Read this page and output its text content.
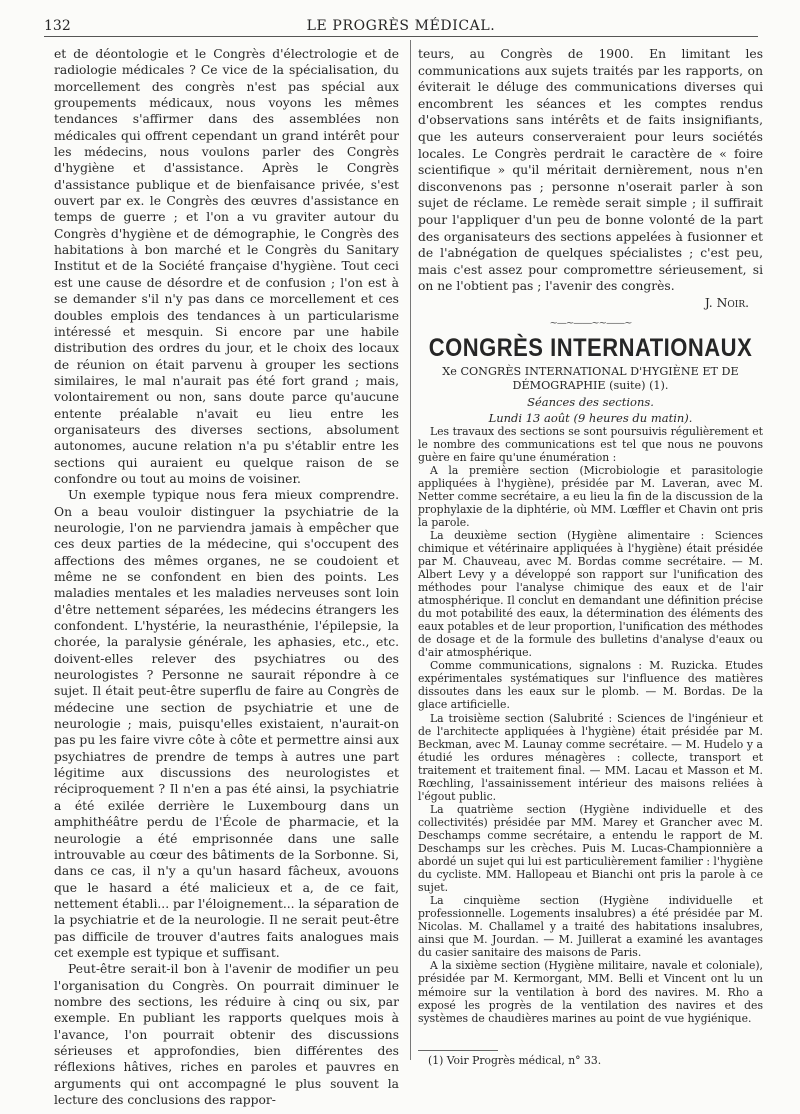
132	LE PROGRÈS MÉDICAL.

et de déontologie et le Congrès d'électrologie et de radiologie médicales ? Ce vice de la spécialisation, du morcellement des congrès n'est pas spécial aux groupements médicaux, nous voyons les mêmes tendances s'affirmer dans des assemblées non médicales qui offrent cependant un grand intérêt pour les médecins, nous voulons parler des Congrès d'hygiène et d'assistance. Après le Congrès d'assistance publique et de bienfaisance privée, s'est ouvert par ex. le Congrès des œuvres d'assistance en temps de guerre ; et l'on a vu graviter autour du Congrès d'hygiène et de démographie, le Congrès des habitations à bon marché et le Congrès du Sanitary Institut et de la Société française d'hygiène. Tout ceci est une cause de désordre et de confusion ; l'on est à se demander s'il n'y pas dans ce morcellement et ces doubles emplois des tendances à un particularisme intéressé et mesquin. Si encore par une habile distribution des ordres du jour, et le choix des locaux de réunion on était parvenu à grouper les sections similaires, le mal n'aurait pas été fort grand ; mais, volontairement ou non, sans doute parce qu'aucune entente préalable n'avait eu lieu entre les organisateurs des diverses sections, absolument autonomes, aucune relation n'a pu s'établir entre les sections qui auraient eu quelque raison de se confondre ou tout au moins de voisiner.

Un exemple typique nous fera mieux comprendre. On a beau vouloir distinguer la psychiatrie de la neurologie, l'on ne parviendra jamais à empêcher que ces deux parties de la médecine, qui s'occupent des affections des mêmes organes, ne se coudoient et même ne se confondent en bien des points. Les maladies mentales et les maladies nerveuses sont loin d'être nettement séparées, les médecins étrangers les confondent. L'hystérie, la neurasthénie, l'épilepsie, la chorée, la paralysie générale, les aphasies, etc., etc. doivent-elles relever des psychiatres ou des neurologistes ? Personne ne saurait répondre à ce sujet. Il était peut-être superflu de faire au Congrès de médecine une section de psychiatrie et une de neurologie ; mais, puisqu'elles existaient, n'aurait-on pas pu les faire vivre côte à côte et permettre ainsi aux psychiatres de prendre de temps à autres une part légitime aux discussions des neurologistes et réciproquement ? Il n'en a pas été ainsi, la psychiatrie a été exilée derrière le Luxembourg dans un amphithéâtre perdu de l'École de pharmacie, et la neurologie a été emprisonnée dans une salle introuvable au cœur des bâtiments de la Sorbonne. Si, dans ce cas, il n'y a qu'un hasard fâcheux, avouons que le hasard a été malicieux et a, de ce fait, nettement établi... par l'éloignement... la séparation de la psychiatrie et de la neurologie. Il ne serait peut-être pas difficile de trouver d'autres faits analogues mais cet exemple est typique et suffisant.

Peut-être serait-il bon à l'avenir de modifier un peu l'organisation du Congrès. On pourrait diminuer le nombre des sections, les réduire à cinq ou six, par exemple. En publiant les rapports quelques mois à l'avance, l'on pourrait obtenir des discussions sérieuses et approfondies, bien différentes des réflexions hâtives, riches en paroles et pauvres en arguments qui ont accompagné le plus souvent la lecture des conclusions des rappor-

teurs, au Congrès de 1900. En limitant les communications aux sujets traités par les rapports, on éviterait le déluge des communications diverses qui encombrent les séances et les comptes rendus d'observations sans intérêts et de faits insignifiants, que les auteurs conserveraient pour leurs sociétés locales. Le Congrès perdrait le caractère de « foire scientifique » qu'il méritait dernièrement, nous n'en disconvenons pas ; personne n'oserait parler à son sujet de réclame. Le remède serait simple ; il suffirait pour l'appliquer d'un peu de bonne volonté de la part des organisateurs des sections appelées à fusionner et de l'abnégation de quelques spécialistes ; c'est peu, mais c'est assez pour compromettre sérieusement, si on ne l'obtient pas ; l'avenir des congrès.

J. Noir.

~—~——~~——~
CONGRÈS INTERNATIONAUX

Xe CONGRÈS INTERNATIONAL D'HYGIÈNE ET DE DÉMOGRAPHIE (suite) (1).

Séances des sections.

Lundi 13 août (9 heures du matin).

Les travaux des sections se sont poursuivis régulièrement et le nombre des communications est tel que nous ne pouvons guère en faire qu'une énumération :

A la première section (Microbiologie et parasitologie appliquées à l'hygiène), présidée par M. Laveran, avec M. Netter comme secrétaire, a eu lieu la fin de la discussion de la prophylaxie de la diphtérie, où MM. Lœffler et Chavin ont pris la parole.

La deuxième section (Hygiène alimentaire : Sciences chimique et vétérinaire appliquées à l'hygiène) était présidée par M. Chauveau, avec M. Bordas comme secrétaire. — M. Albert Levy y a développé son rapport sur l'unification des méthodes pour l'analyse chimique des eaux et de l'air atmosphérique. Il conclut en demandant une définition précise du mot potabilité des eaux, la détermination des éléments des eaux potables et de leur proportion, l'unification des méthodes de dosage et de la formule des bulletins d'analyse d'eaux ou d'air atmosphérique.

Comme communications, signalons : M. Ruzicka. Etudes expérimentales systématiques sur l'influence des matières dissoutes dans les eaux sur le plomb. — M. Bordas. De la glace artificielle.

La troisième section (Salubrité : Sciences de l'ingénieur et de l'architecte appliquées à l'hygiène) était présidée par M. Beckman, avec M. Launay comme secrétaire. — M. Hudelo y a étudié les ordures ménagères : collecte, transport et traitement et traitement final. — MM. Lacau et Masson et M. Rœchling, l'assainissement intérieur des maisons reliées à l'égout public.

La quatrième section (Hygiène individuelle et des collectivités) présidée par MM. Marey et Grancher avec M. Deschamps comme secrétaire, a entendu le rapport de M. Deschamps sur les crèches. Puis M. Lucas-Championnière a abordé un sujet qui lui est particulièrement familier : l'hygiène du cycliste. MM. Hallopeau et Bianchi ont pris la parole à ce sujet.

La cinquième section (Hygiène individuelle et professionnelle. Logements insalubres) a été présidée par M. Nicolas. M. Challamel y a traité des habitations insalubres, ainsi que M. Jourdan. — M. Juillerat a examiné les avantages du casier sanitaire des maisons de Paris.

A la sixième section (Hygiène militaire, navale et coloniale), présidée par M. Kermorgant, MM. Belli et Vincent ont lu un mémoire sur la ventilation à bord des navires. M. Rho a exposé les progrès de la ventilation des navires et des systèmes de chaudières marines au point de vue hygiénique.

(1) Voir Progrès médical, n° 33.
